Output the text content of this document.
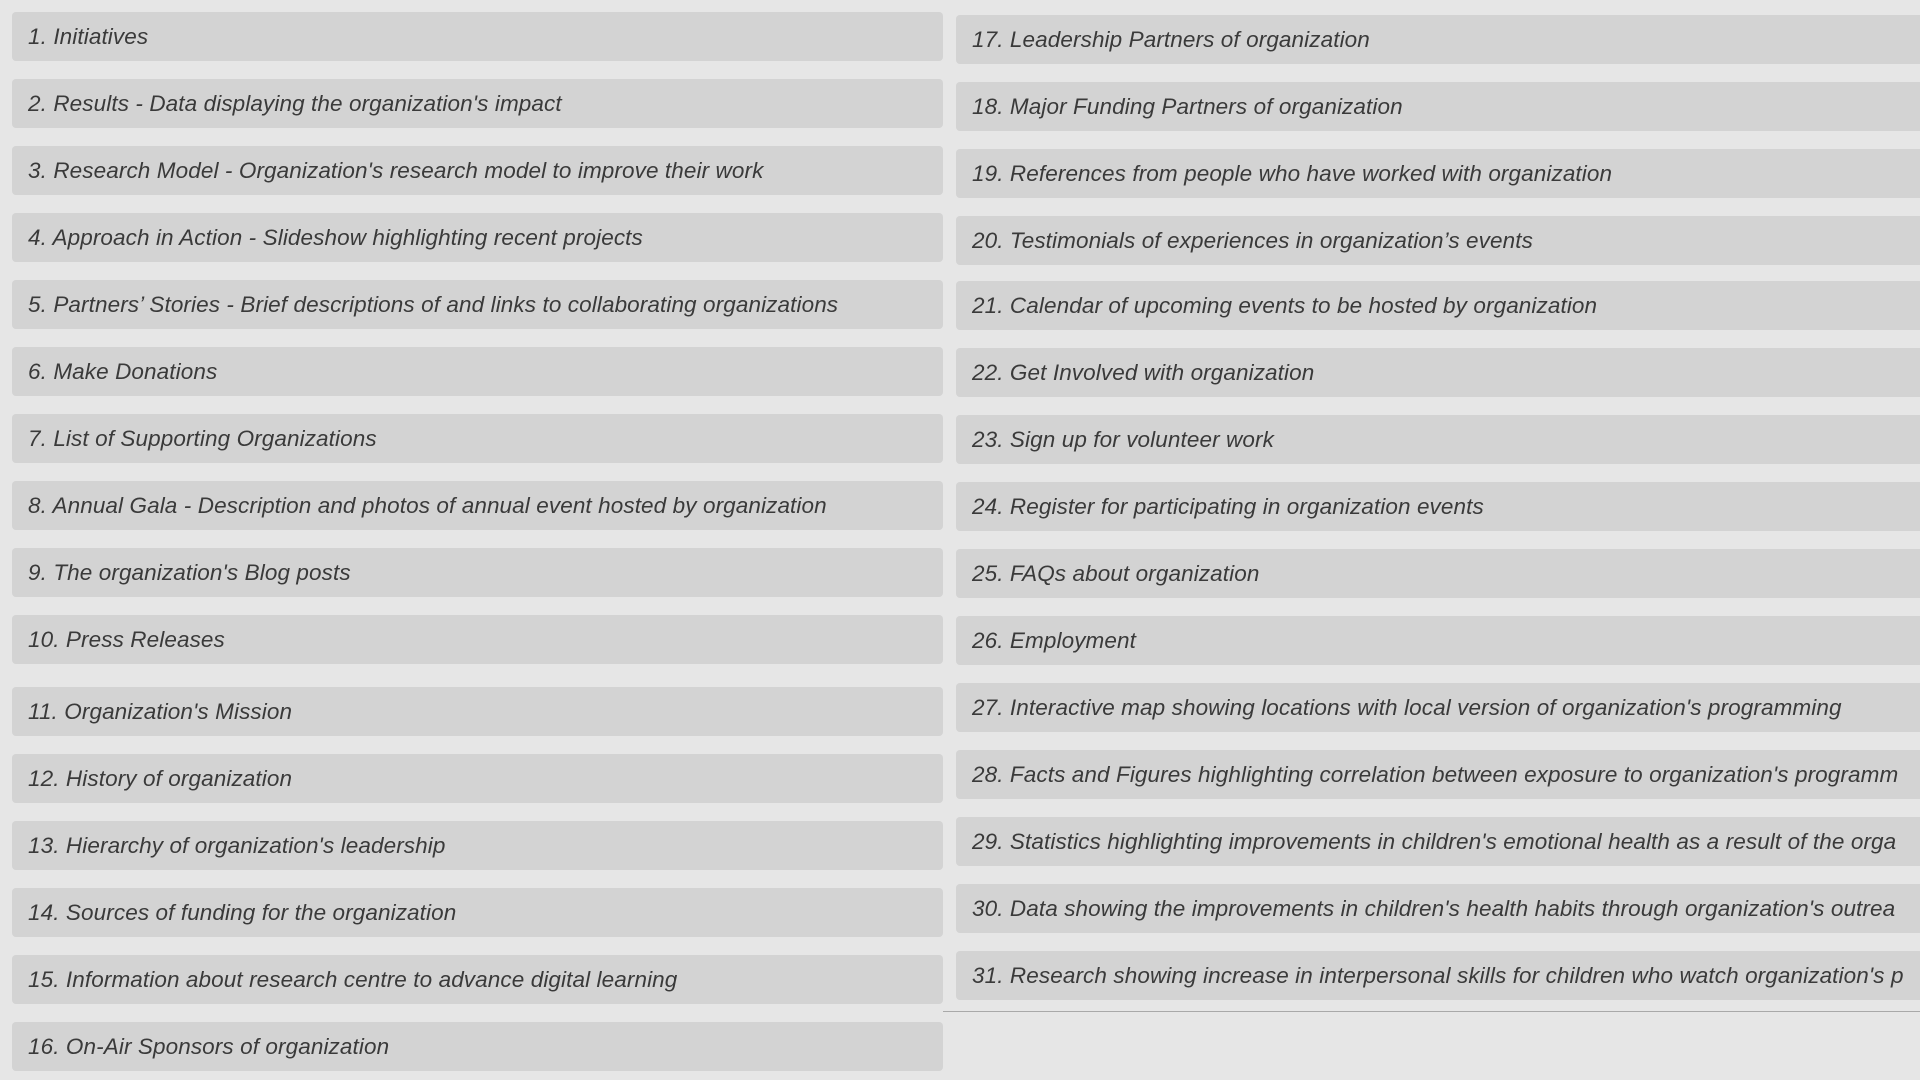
1. Initiatives
2. Results - Data displaying the organization's impact
3. Research Model - Organization's research model to improve their work
4. Approach in Action - Slideshow highlighting recent projects
5. Partners’ Stories - Brief descriptions of and links to collaborating organizations
6. Make Donations
7. List of Supporting Organizations
8. Annual Gala - Description and photos of annual event hosted by organization
9. The organization's Blog posts
10. Press Releases
11. Organization's Mission
12. History of organization
13. Hierarchy of organization's leadership
14. Sources of funding for the organization
15. Information about research centre to advance digital learning
16. On-Air Sponsors of organization
17. Leadership Partners of organization
18. Major Funding Partners of organization
19. References from people who have worked with organization
20. Testimonials of experiences in organization’s events
21. Calendar of upcoming events to be hosted by organization
22. Get Involved with organization
23. Sign up for volunteer work
24. Register for participating in organization events
25. FAQs about organization
26. Employment
27. Interactive map showing locations with local version of organization's programming
28. Facts and Figures highlighting correlation between exposure to organization's programm
29. Statistics highlighting improvements in children's emotional health as a result of the orga
30. Data showing the improvements in children's health habits through organization's outrea
31. Research showing increase in interpersonal skills for children who watch organization's p
